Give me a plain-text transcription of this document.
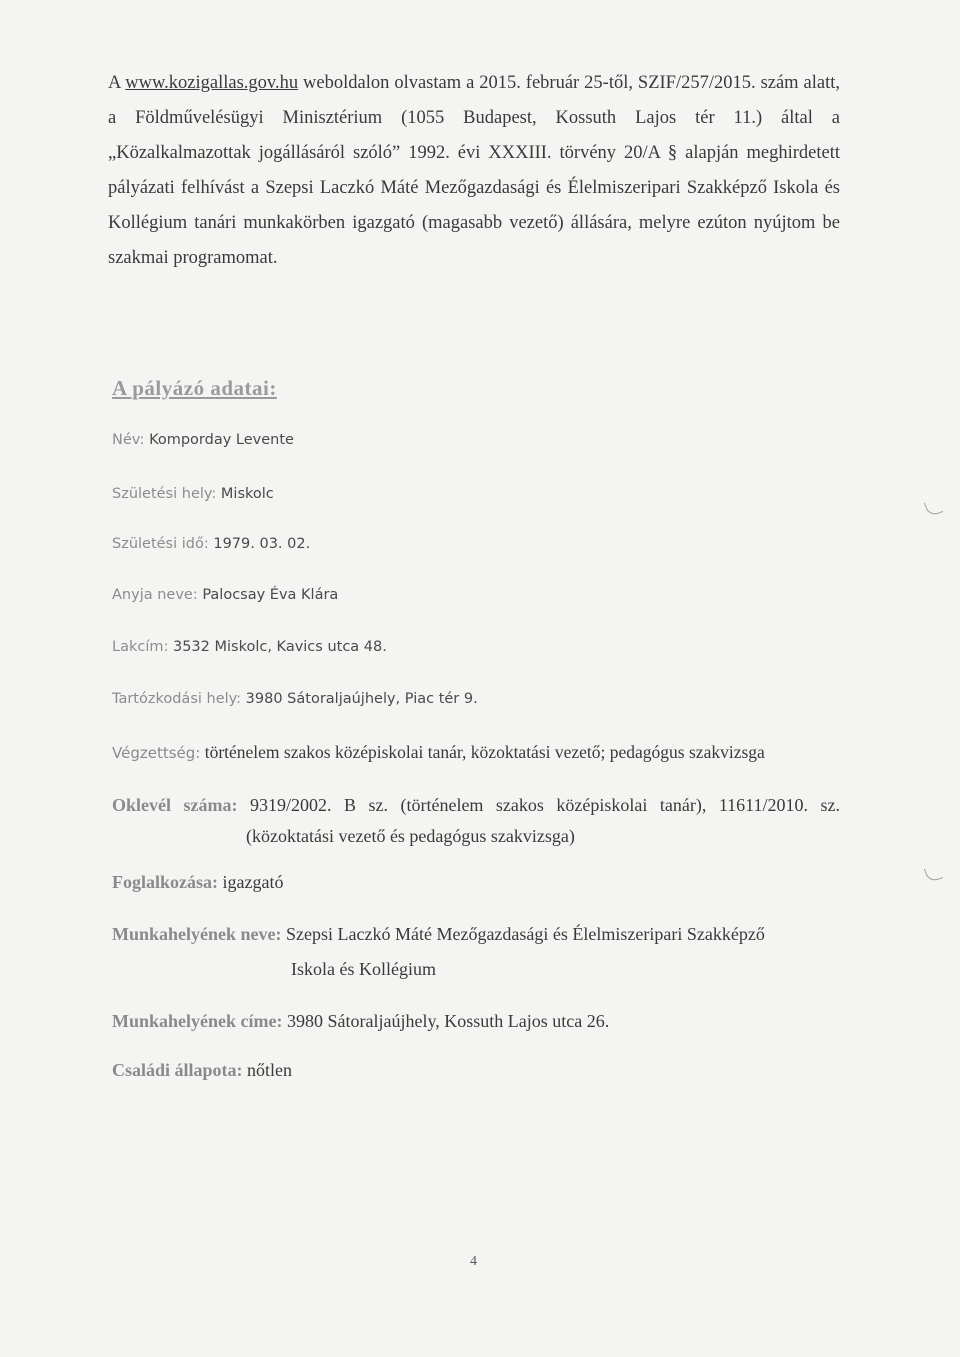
A www.kozigallas.gov.hu weboldalon olvastam a 2015. február 25-től, SZIF/257/2015. szám alatt, a Földművelésügyi Minisztérium (1055 Budapest, Kossuth Lajos tér 11.) által a „Közalkalmazottak jogállásáról szóló” 1992. évi XXXIII. törvény 20/A § alapján meghirdetett pályázati felhívást a Szepsi Laczkó Máté Mezőgazdasági és Élelmiszeripari Szakképző Iskola és Kollégium tanári munkakörben igazgató (magasabb vezető) állására, melyre ezúton nyújtom be szakmai programomat.
A pályázó adatai:
Név: Komporday Levente
Születési hely: Miskolc
Születési idő: 1979. 03. 02.
Anyja neve: Palocsay Éva Klára
Lakcím: 3532 Miskolc, Kavics utca 48.
Tartózkodási hely: 3980 Sátoraljaújhely, Piac tér 9.
Végzettség: történelem szakos középiskolai tanár, közoktatási vezető; pedagógus szakvizsga
Oklevél száma: 9319/2002. B sz. (történelem szakos középiskolai tanár), 11611/2010. sz.
(közoktatási vezető és pedagógus szakvizsga)
Foglalkozása: igazgató
Munkahelyének neve: Szepsi Laczkó Máté Mezőgazdasági és Élelmiszeripari Szakképző
Iskola és Kollégium
Munkahelyének címe: 3980 Sátoraljaújhely, Kossuth Lajos utca 26.
Családi állapota: nőtlen
4
